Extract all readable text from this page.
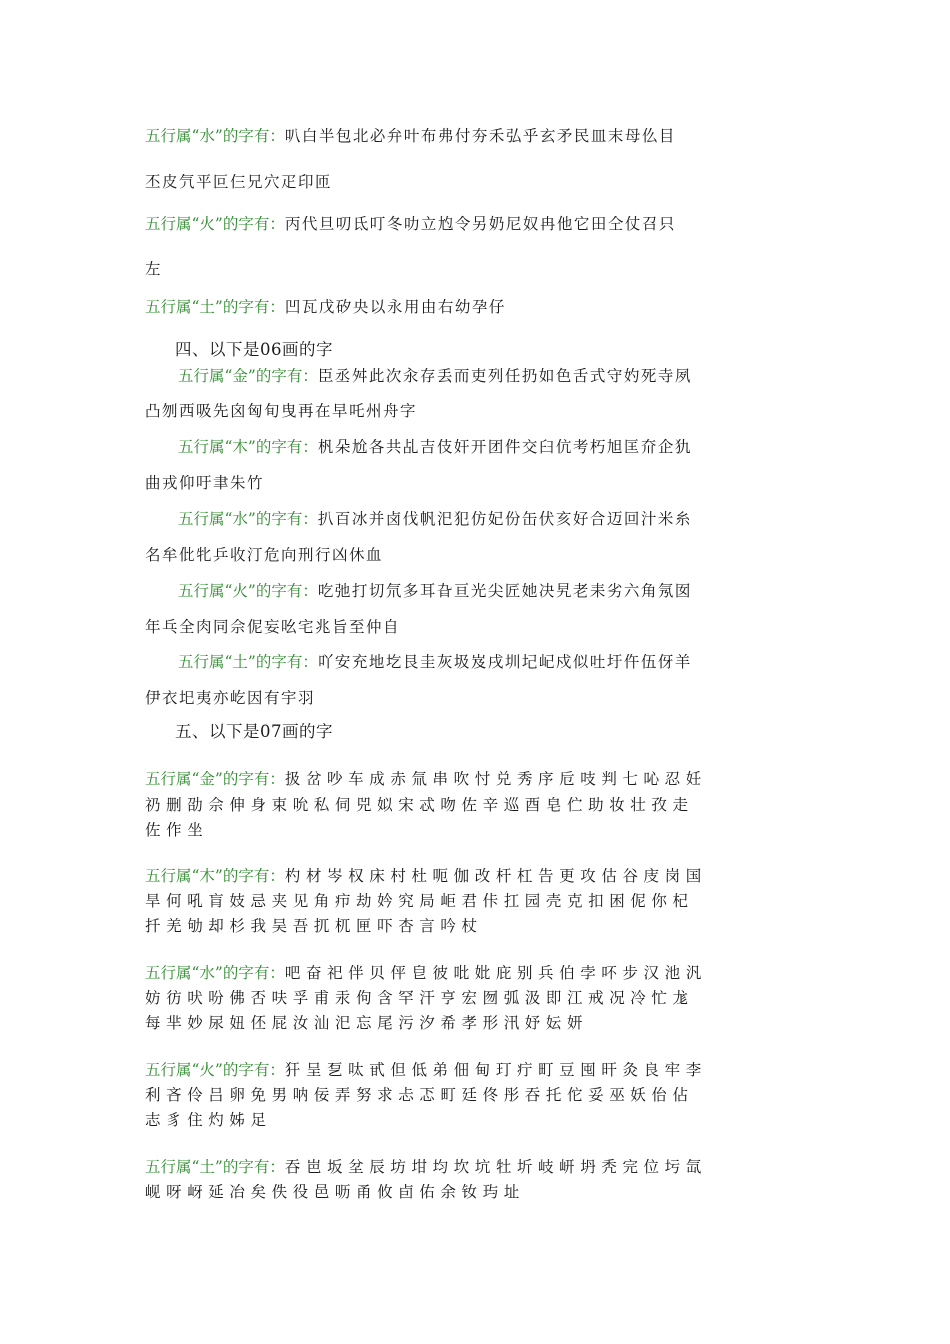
五行属“水”的字有：叭白半包北必弁叶布弗付夯禾弘乎玄矛民皿末母仫目
丕皮氕平叵仨兄穴疋印匝
五行属“火”的字有：丙代旦叨氐叮冬叻立尥令另奶尼奴冉他它田仝仗召只
左
五行属“土”的字有：凹瓦戊矽央以永用由右幼孕仔
四、以下是06画的字
五行属“金”的字有：臣丞舛此次汆存丢而吏列任扔如色舌式守妁死寺夙
凸刎西吸先囟匈旬曳再在早吒州舟字
五行属“木”的字有：杋朵尬各共乩吉伎奸开团件交臼伉考朽旭匡夼企犰
曲戎仰吁聿朱竹
五行属“水”的字有：扒百冰并卤伐帆汜犯仿妃份缶伏亥好合迈回汁米糸
名牟仳牝乒收汀危向刑行凶休血
五行属“火”的字有：吃弛打切氘多耳旮亘光尖匠她决旯老耒劣六角氖囡
年乓全肉同佘伲妄吆宅兆旨至仲自
五行属“土”的字有：吖安充地圪艮圭灰圾岌戌圳圮屺戍似吐圩仵伍伢羊
伊衣圯夷亦屹因有宇羽
五、以下是07画的字
五行属“金”的字有：扱岔吵车成赤氚串吹忖兑秀序卮吱判七吣忍妊
礽删劭佘伸身束吮私伺兕姒宋忒吻佐辛巡酉皂伫助妆壮孜走
佐作坐
五行属“木”的字有：杓材岑权床村杜呃伽改杆杠告更攻估谷庋岗国
旱何吼肓妓忌夹见角疖劫妗究局岠君佧扛园壳克扣困伲你杞
扦羌劬却杉我吴吾扤杌匣吓杏言吟杖
五行属“水”的字有：吧奋祀伴贝伻皀彼吡妣庇别兵伯孛吥步汉池汎
妨彷吠吩佛否呋孚甫汞佝含罕汗亨宏囫弧汲即江戒况冷忙尨
每芈妙尿妞伾屁汝汕汜忘尾污汐希孝形汛妤妘妍
五行属“火”的字有：犴呈乭呔甙但低弟佃甸玎疔町豆囤旰灸良牢李
利吝伶吕卵免男呐佞弄努求忐忑町廷佟彤吞托佗妥巫妖佁佔
志豸住灼姊足
五行属“土”的字有：吞岜坂坌辰坊坩均坎坑牡圻岐岍坍秃完位圬氙
岘呀岈延冶矣佚役邑呖甬攸卣佑余钕玙址
